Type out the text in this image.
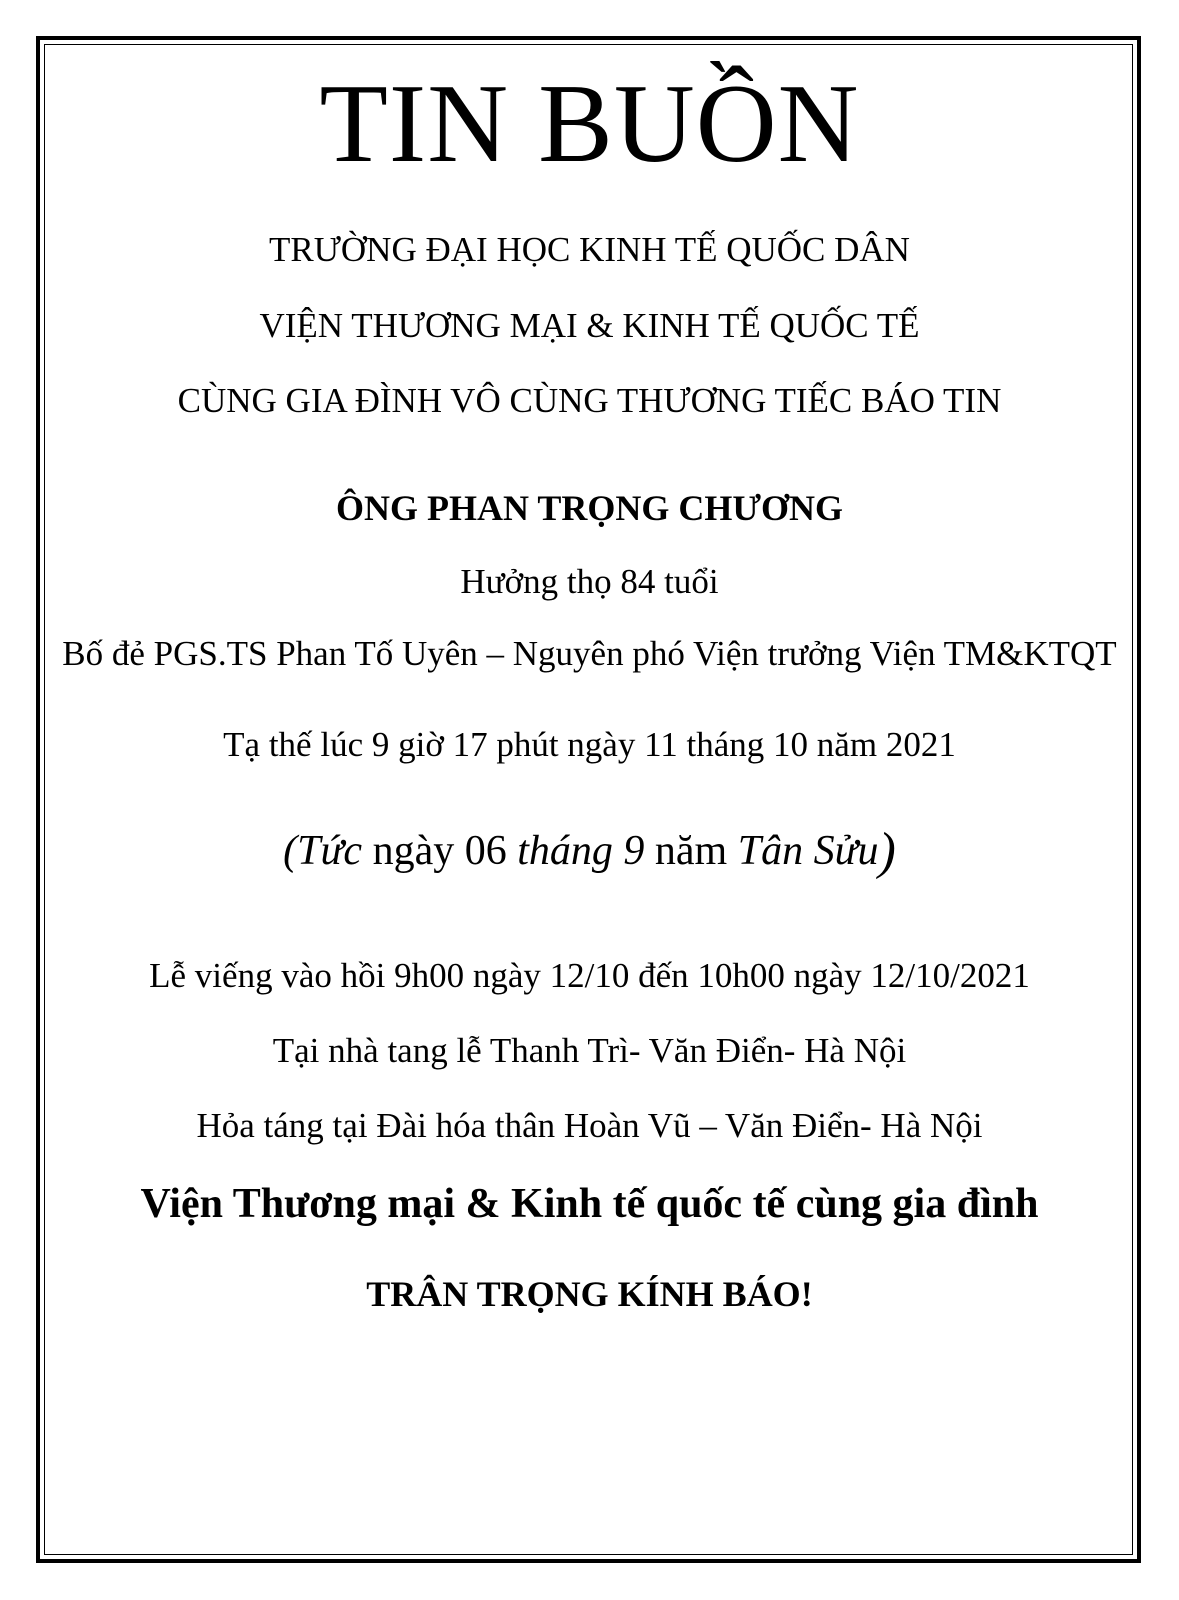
TIN BUỒN
TRƯỜNG ĐẠI HỌC KINH TẾ QUỐC DÂN
VIỆN THƯƠNG MẠI & KINH TẾ QUỐC TẾ
CÙNG GIA ĐÌNH VÔ CÙNG THƯƠNG TIẾC BÁO TIN
ÔNG PHAN TRỌNG CHƯƠNG
Hưởng thọ 84 tuổi
Bố đẻ PGS.TS Phan Tố Uyên – Nguyên phó Viện trưởng Viện TM&KTQT
Tạ thế lúc 9 giờ 17 phút ngày 11 tháng 10 năm 2021
(Tức ngày 06 tháng 9 năm Tân Sửu)
Lễ viếng vào hồi 9h00 ngày 12/10 đến 10h00 ngày 12/10/2021
Tại nhà tang lễ Thanh Trì- Văn Điển- Hà Nội
Hỏa táng tại Đài hóa thân Hoàn Vũ – Văn Điển- Hà Nội
Viện Thương mại & Kinh tế quốc tế cùng gia đình
TRÂN TRỌNG KÍNH BÁO!
